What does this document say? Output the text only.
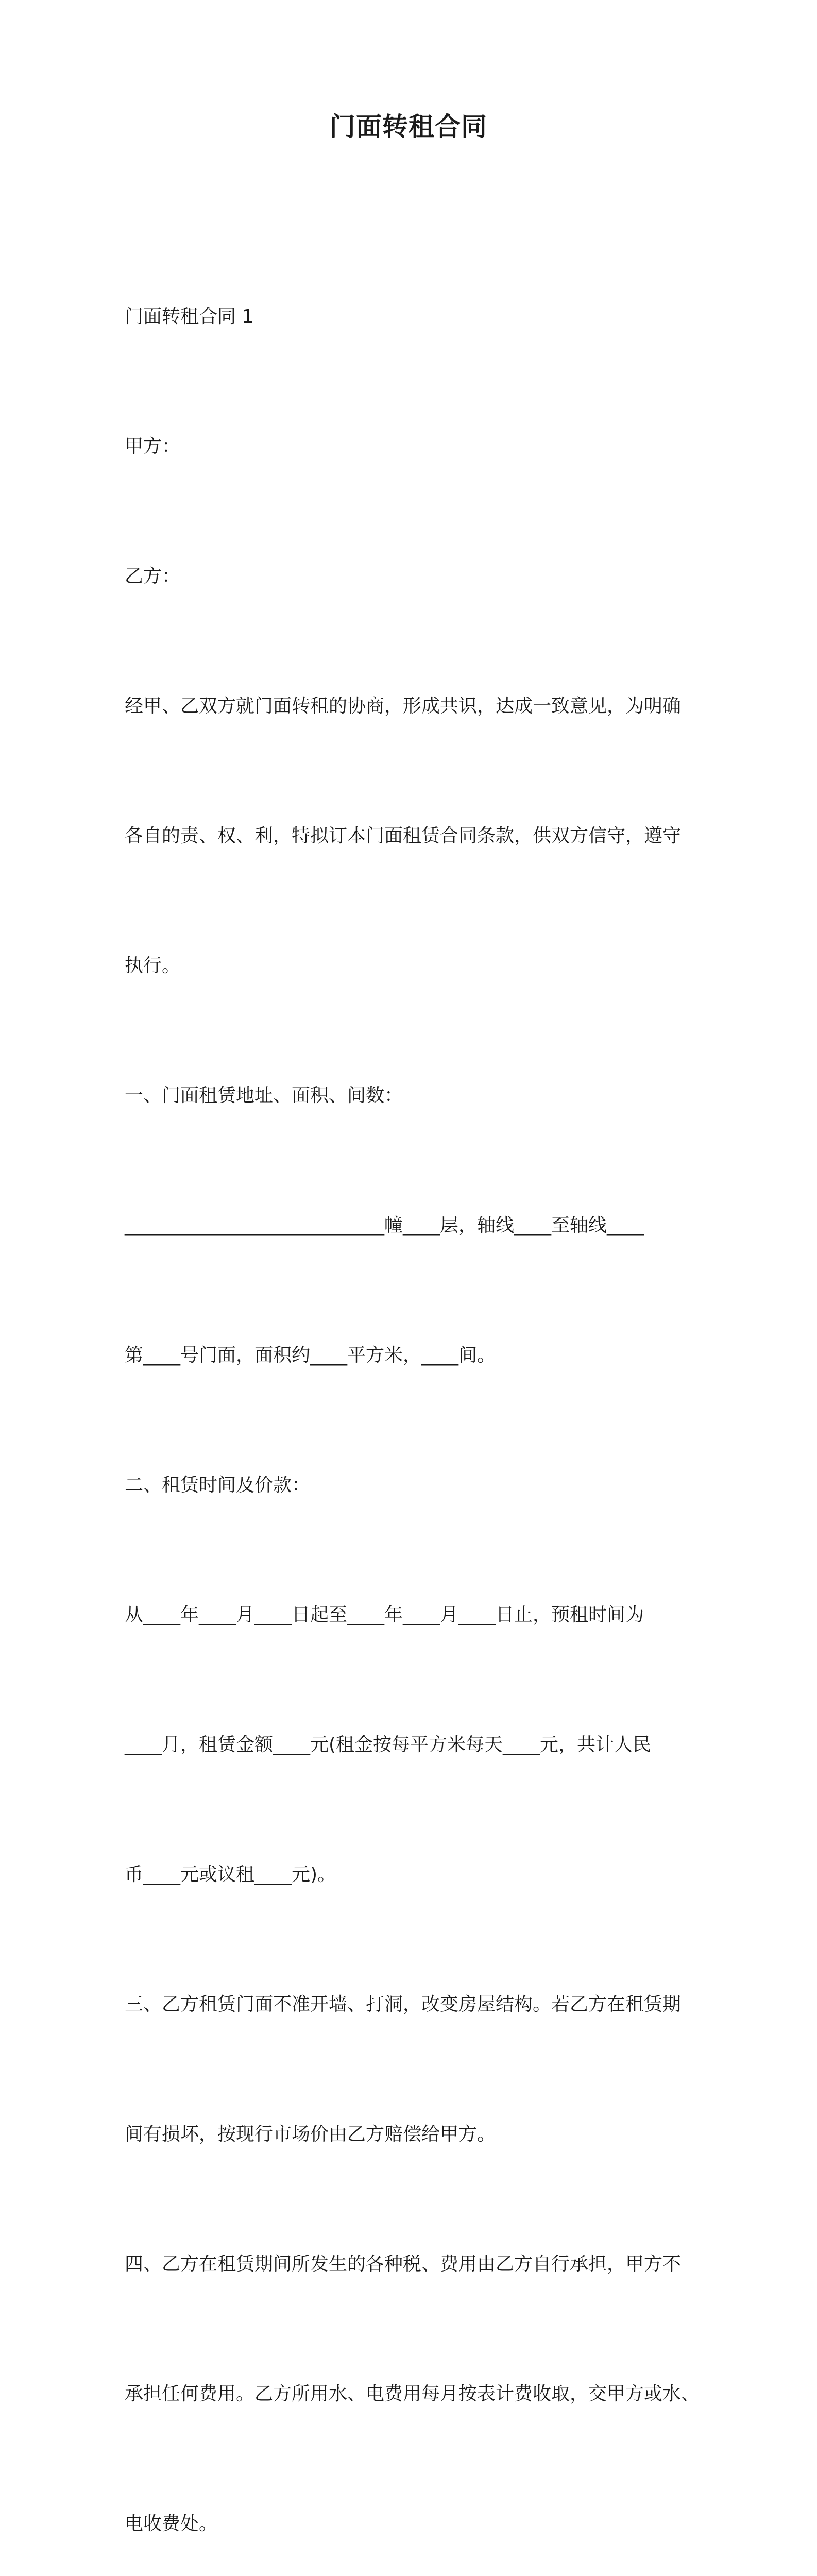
门面转租合同

门面转租合同 1

甲方：

乙方：

经甲、乙双方就门面转租的协商，形成共识，达成一致意见，为明确

各自的责、权、利，特拟订本门面租赁合同条款，供双方信守，遵守

执行。

一、门面租赁地址、面积、间数：

____________________________幢____层，轴线____至轴线____

第____号门面，面积约____平方米，____间。

二、租赁时间及价款：

从____年____月____日起至____年____月____日止，预租时间为

____月，租赁金额____元(租金按每平方米每天____元，共计人民

币____元或议租____元)。

三、乙方租赁门面不准开墙、打洞，改变房屋结构。若乙方在租赁期

间有损坏，按现行市场价由乙方赔偿给甲方。

四、乙方在租赁期间所发生的各种税、费用由乙方自行承担，甲方不

承担任何费用。乙方所用水、电费用每月按表计费收取，交甲方或水、

电收费处。
